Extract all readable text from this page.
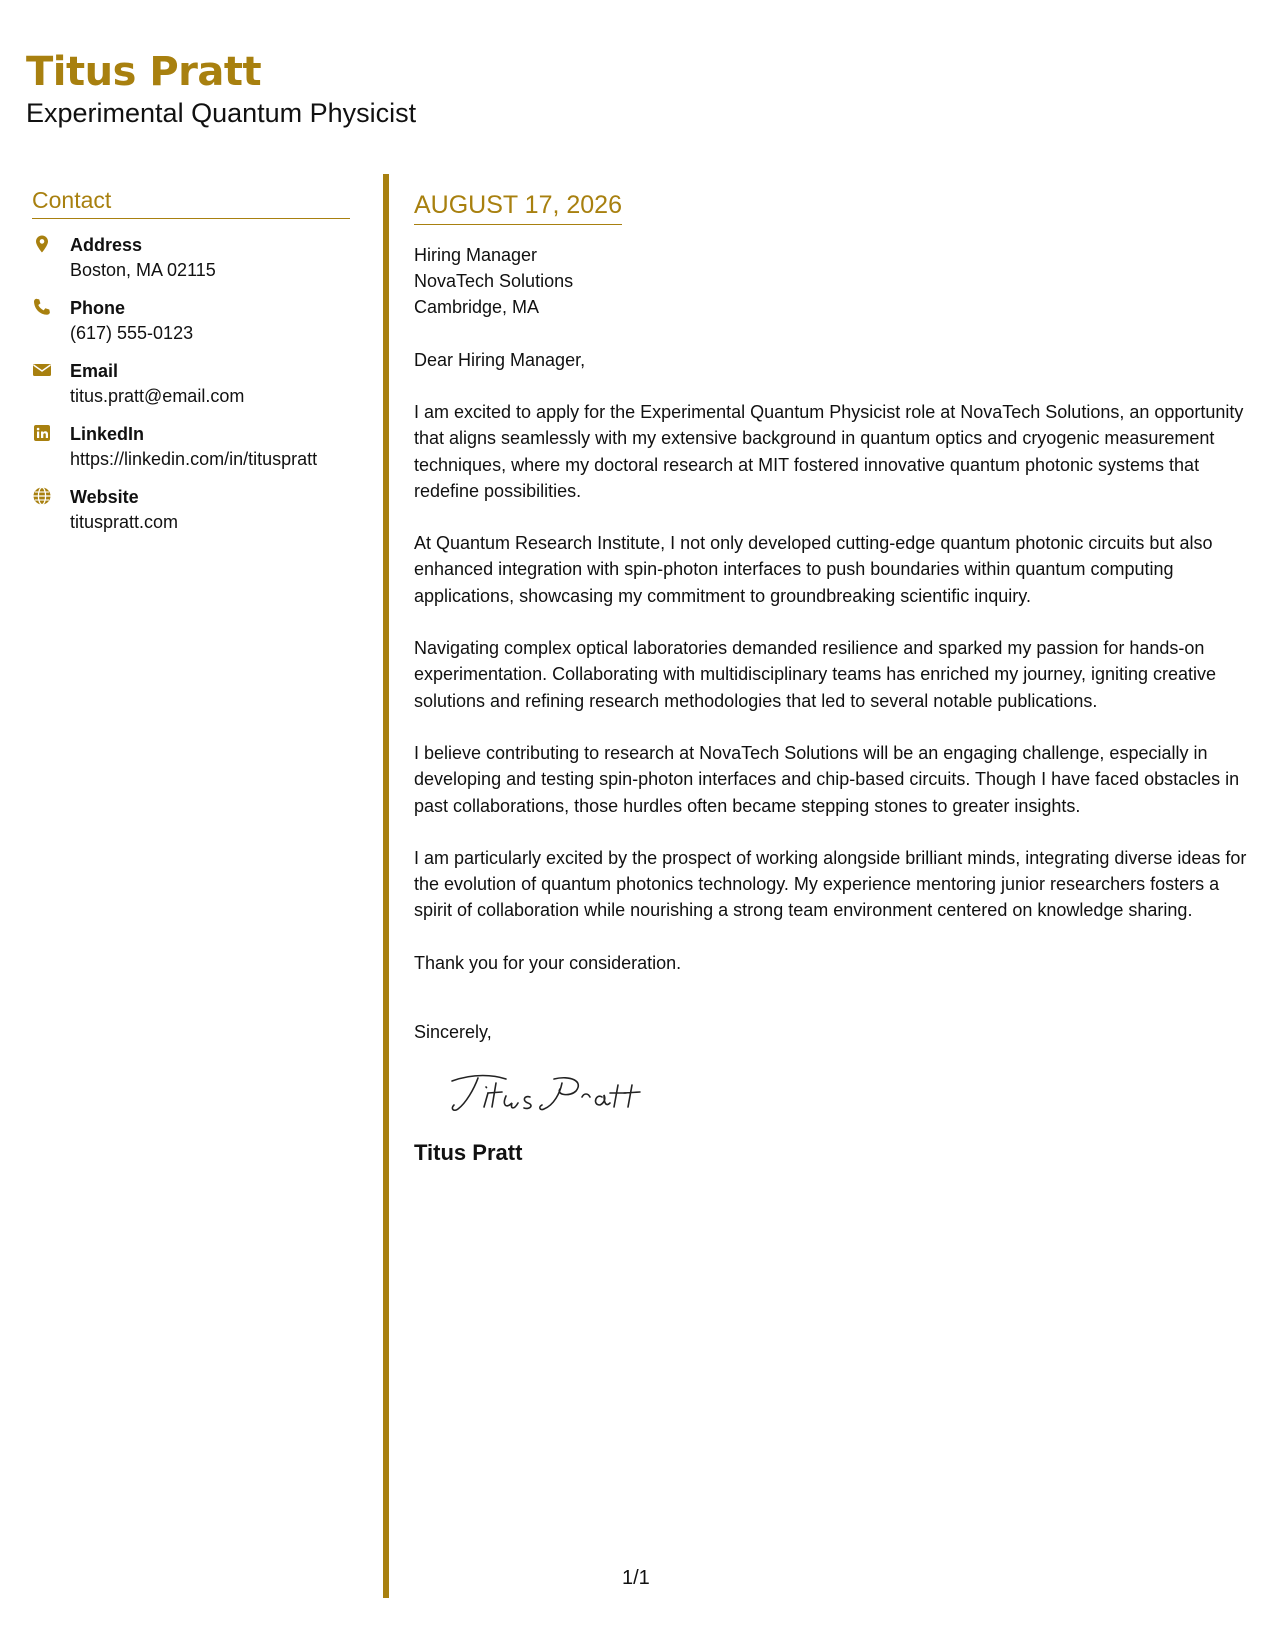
Titus Pratt
Experimental Quantum Physicist
Contact
Address
Boston, MA 02115
Phone
(617) 555-0123
Email
titus.pratt@email.com
LinkedIn
https://linkedin.com/in/tituspratt
Website
tituspratt.com
AUGUST 17, 2026
Hiring Manager
NovaTech Solutions
Cambridge, MA
Dear Hiring Manager,
I am excited to apply for the Experimental Quantum Physicist role at NovaTech Solutions, an opportunity that aligns seamlessly with my extensive background in quantum optics and cryogenic measurement techniques, where my doctoral research at MIT fostered innovative quantum photonic systems that redefine possibilities.
At Quantum Research Institute, I not only developed cutting-edge quantum photonic circuits but also enhanced integration with spin-photon interfaces to push boundaries within quantum computing applications, showcasing my commitment to groundbreaking scientific inquiry.
Navigating complex optical laboratories demanded resilience and sparked my passion for hands-on experimentation. Collaborating with multidisciplinary teams has enriched my journey, igniting creative solutions and refining research methodologies that led to several notable publications.
I believe contributing to research at NovaTech Solutions will be an engaging challenge, especially in developing and testing spin-photon interfaces and chip-based circuits. Though I have faced obstacles in past collaborations, those hurdles often became stepping stones to greater insights.
I am particularly excited by the prospect of working alongside brilliant minds, integrating diverse ideas for the evolution of quantum photonics technology. My experience mentoring junior researchers fosters a spirit of collaboration while nourishing a strong team environment centered on knowledge sharing.
Thank you for your consideration.
Sincerely,
Titus Pratt
1/1
